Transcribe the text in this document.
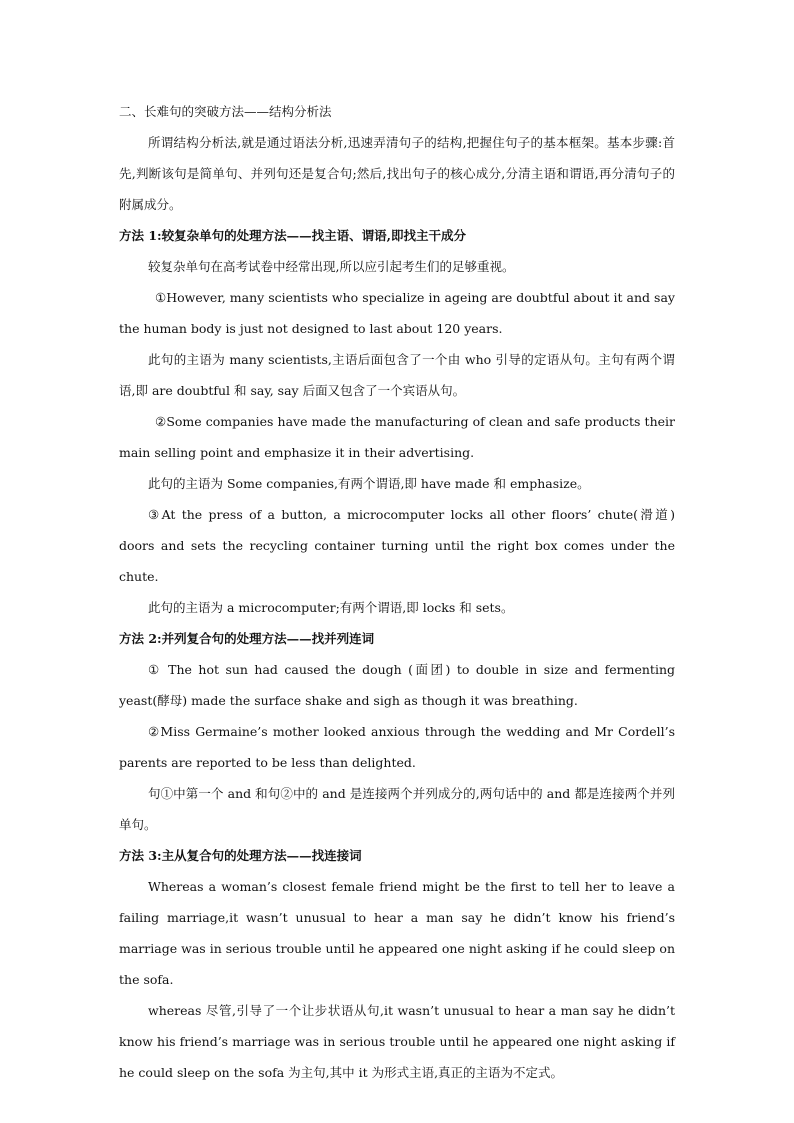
二、长难句的突破方法——结构分析法

所谓结构分析法,就是通过语法分析,迅速弄清句子的结构,把握住句子的基本框架。基本步骤:首先,判断该句是简单句、并列句还是复合句;然后,找出句子的核心成分,分清主语和谓语,再分清句子的附属成分。

方法 1:较复杂单句的处理方法——找主语、谓语,即找主干成分

较复杂单句在高考试卷中经常出现,所以应引起考生们的足够重视。

①However, many scientists who specialize in ageing are doubtful about it and say the human body is just not designed to last about 120 years.

此句的主语为 many scientists,主语后面包含了一个由 who 引导的定语从句。主句有两个谓语,即 are doubtful 和 say, say 后面又包含了一个宾语从句。

②Some companies have made the manufacturing of clean and safe products their main selling point and emphasize it in their advertising.

此句的主语为 Some companies,有两个谓语,即 have made 和 emphasize。

③At the press of a button, a microcomputer locks all other floors’ chute(滑道) doors and sets the recycling container turning until the right box comes under the chute.

此句的主语为 a microcomputer;有两个谓语,即 locks 和 sets。

方法 2:并列复合句的处理方法——找并列连词

① The hot sun had caused the dough (面团) to double in size and fermenting yeast(酵母) made the surface shake and sigh as though it was breathing.

②Miss Germaine’s mother looked anxious through the wedding and Mr Cordell’s parents are reported to be less than delighted.

句①中第一个 and 和句②中的 and 是连接两个并列成分的,两句话中的 and 都是连接两个并列单句。

方法 3:主从复合句的处理方法——找连接词

Whereas a woman’s closest female friend might be the first to tell her to leave a failing marriage,it wasn’t unusual to hear a man say he didn’t know his friend’s marriage was in serious trouble until he appeared one night asking if he could sleep on the sofa.

whereas 尽管,引导了一个让步状语从句,it wasn’t unusual to hear a man say he didn’t know his friend’s marriage was in serious trouble until he appeared one night asking if he could sleep on the sofa 为主句,其中 it 为形式主语,真正的主语为不定式。
